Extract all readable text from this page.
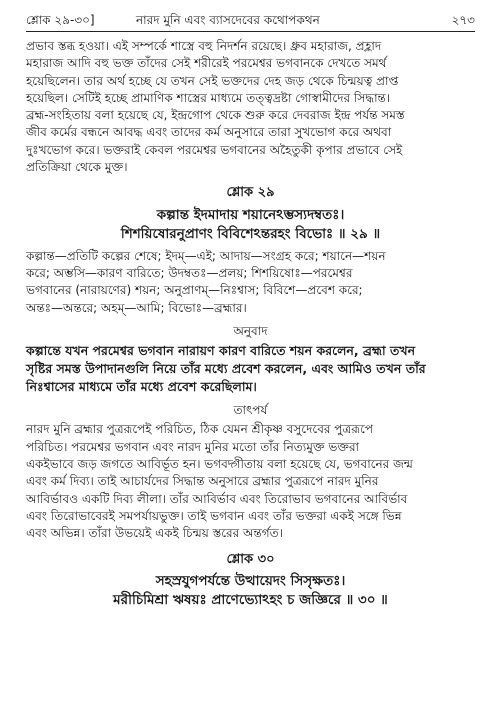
শ্লোক ২৯-৩০]	নারদ মুনি এবং ব্যাসদেবের কথোপকথন	২৭৩

প্রভাব স্তব্ধ হওয়া। এই সম্পর্কে শাস্ত্রে বহু নিদর্শন রয়েছে। ধ্রুব মহারাজ, প্রহ্লাদ

মহারাজ আদি বহু ভক্ত তাঁদের সেই শরীরেই পরমেশ্বর ভগবানকে দেখতে সমর্থ

হয়েছিলেন। তার অর্থ হচ্ছে যে তখন সেই ভক্তদের দেহ জড় থেকে চিন্ময়ত্ব প্রাপ্ত

হয়েছিল। সেটিই হচ্ছে প্রামাণিক শাস্ত্রের মাধ্যমে তত্ত্বদ্রষ্টা গোস্বামীদের সিদ্ধান্ত।

ব্রহ্ম-সংহিতায় বলা হয়েছে যে, ইন্দ্রগোপ থেকে শুরু করে দেবরাজ ইন্দ্র পর্যন্ত সমস্ত

জীব কর্মের বন্ধনে আবদ্ধ এবং তাদের কর্ম অনুসারে তারা সুখভোগ করে অথবা

দুঃখভোগ করে। ভক্তরাই কেবল পরমেশ্বর ভগবানের অহৈতুকী কৃপার প্রভাবে সেই

প্রতিক্রিয়া থেকে মুক্ত।

শ্লোক ২৯

কল্পান্ত ইদমাদায় শয়ানেঽম্ভস্যদম্বতঃ।

শিশয়িষোরনুপ্রাণং বিবিশেঽন্তরহং বিভোঃ ॥ ২৯ ॥

কল্পান্ত—প্রতিটি কল্পের শেষে; ইদম্—এই; আদায়—সংগ্রহ করে; শয়ানে—শয়ন

করে; অম্ভসি—কারণ বারিতে; উদম্বতঃ—প্রলয়; শিশয়িষোঃ—পরমেশ্বর

ভগবানের (নারায়ণের) শয়ন; অনুপ্রাণম্—নিঃশ্বাস; বিবিশে—প্রবেশ করে;

অন্তঃ—অন্তরে; অহম্—আমি; বিভোঃ—ব্রহ্মার।

অনুবাদ

কল্পান্তে যখন পরমেশ্বর ভগবান নারায়ণ কারণ বারিতে শয়ন করলেন, ব্রহ্মা তখন

সৃষ্টির সমস্ত উপাদানগুলি নিয়ে তাঁর মধ্যে প্রবেশ করলেন, এবং আমিও তখন তাঁর

নিঃশ্বাসের মাধ্যমে তাঁর মধ্যে প্রবেশ করেছিলাম।

তাৎপর্য

নারদ মুনি ব্রহ্মার পুত্ররূপেই পরিচিত, ঠিক যেমন শ্রীকৃষ্ণ বসুদেবের পুত্ররূপে

পরিচিত। পরমেশ্বর ভগবান এবং নারদ মুনির মতো তাঁর নিত্যমুক্ত ভক্তরা

একইভাবে জড় জগতে আবির্ভূত হন। ভগবদ্গীতায় বলা হয়েছে যে, ভগবানের জন্ম

এবং কর্ম দিব্য। তাই আচার্যদের সিদ্ধান্ত অনুসারে ব্রহ্মার পুত্ররূপে নারদ মুনির

আবির্ভাবও একটি দিব্য লীলা। তাঁর আবির্ভাব এবং তিরোভাব ভগবানের আবির্ভাব

এবং তিরোভাবেরই সমপর্যায়ভুক্ত। তাই ভগবান এবং তাঁর ভক্তরা একই সঙ্গে ভিন্ন

এবং অভিন্ন। তাঁরা উভয়েই একই চিন্ময় স্তরের অন্তর্গত।

শ্লোক ৩০

সহস্রযুগপর্যন্তে উত্থায়েদং সিসৃক্ষতঃ।

মরীচিমিশ্রা ঋষয়ঃ প্রাণেভ্যোঽহং চ জজ্ঞিরে ॥ ৩০ ॥
